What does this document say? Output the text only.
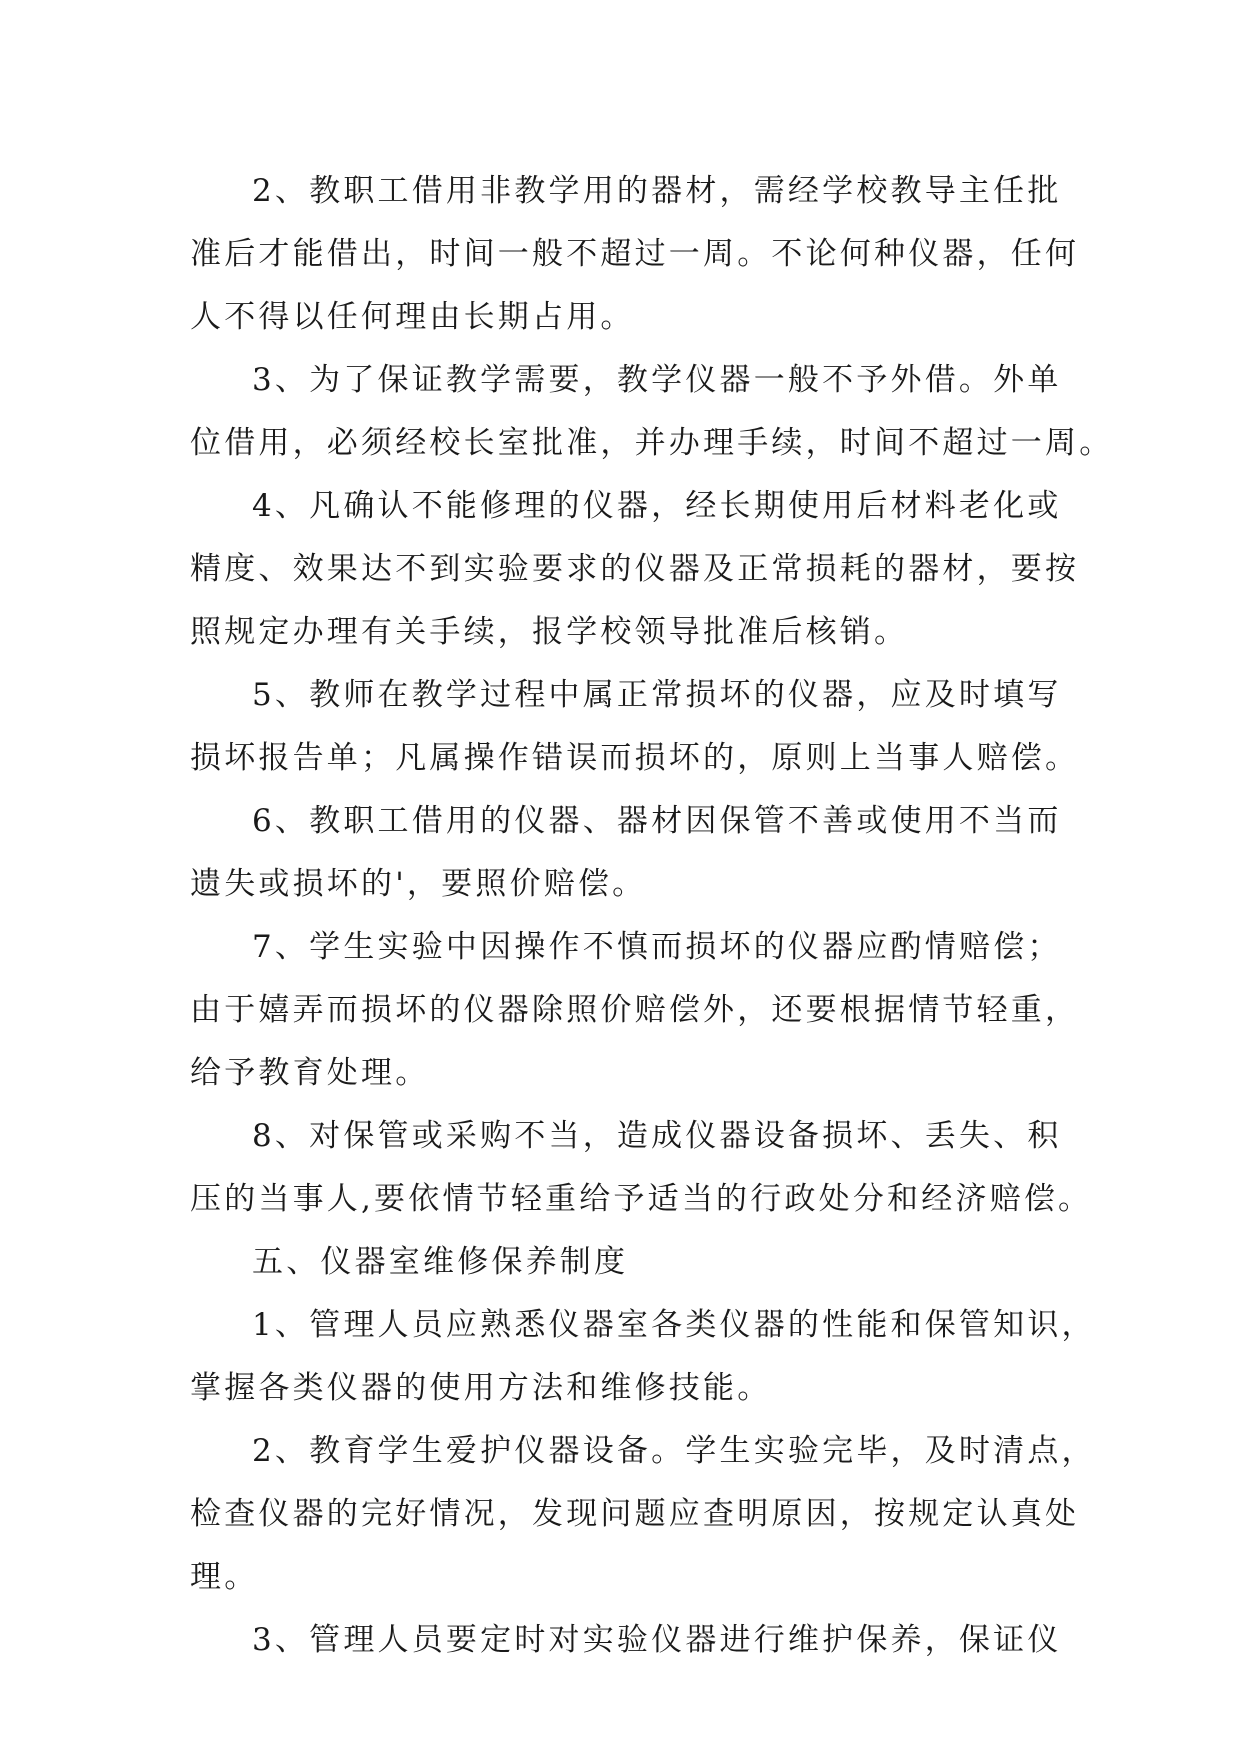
2、教职工借用非教学用的器材，需经学校教导主任批
准后才能借出，时间一般不超过一周。不论何种仪器，任何
人不得以任何理由长期占用。
3、为了保证教学需要，教学仪器一般不予外借。外单
位借用，必须经校长室批准，并办理手续，时间不超过一周。
4、凡确认不能修理的仪器，经长期使用后材料老化或
精度、效果达不到实验要求的仪器及正常损耗的器材，要按
照规定办理有关手续，报学校领导批准后核销。
5、教师在教学过程中属正常损坏的仪器，应及时填写
损坏报告单；凡属操作错误而损坏的，原则上当事人赔偿。
6、教职工借用的仪器、器材因保管不善或使用不当而
遗失或损坏的'，要照价赔偿。
7、学生实验中因操作不慎而损坏的仪器应酌情赔偿；
由于嬉弄而损坏的仪器除照价赔偿外，还要根据情节轻重，
给予教育处理。
8、对保管或采购不当，造成仪器设备损坏、丢失、积
压的当事人,要依情节轻重给予适当的行政处分和经济赔偿。
五、仪器室维修保养制度
1、管理人员应熟悉仪器室各类仪器的性能和保管知识，
掌握各类仪器的使用方法和维修技能。
2、教育学生爱护仪器设备。学生实验完毕，及时清点，
检查仪器的完好情况，发现问题应查明原因，按规定认真处
理。
3、管理人员要定时对实验仪器进行维护保养，保证仪
